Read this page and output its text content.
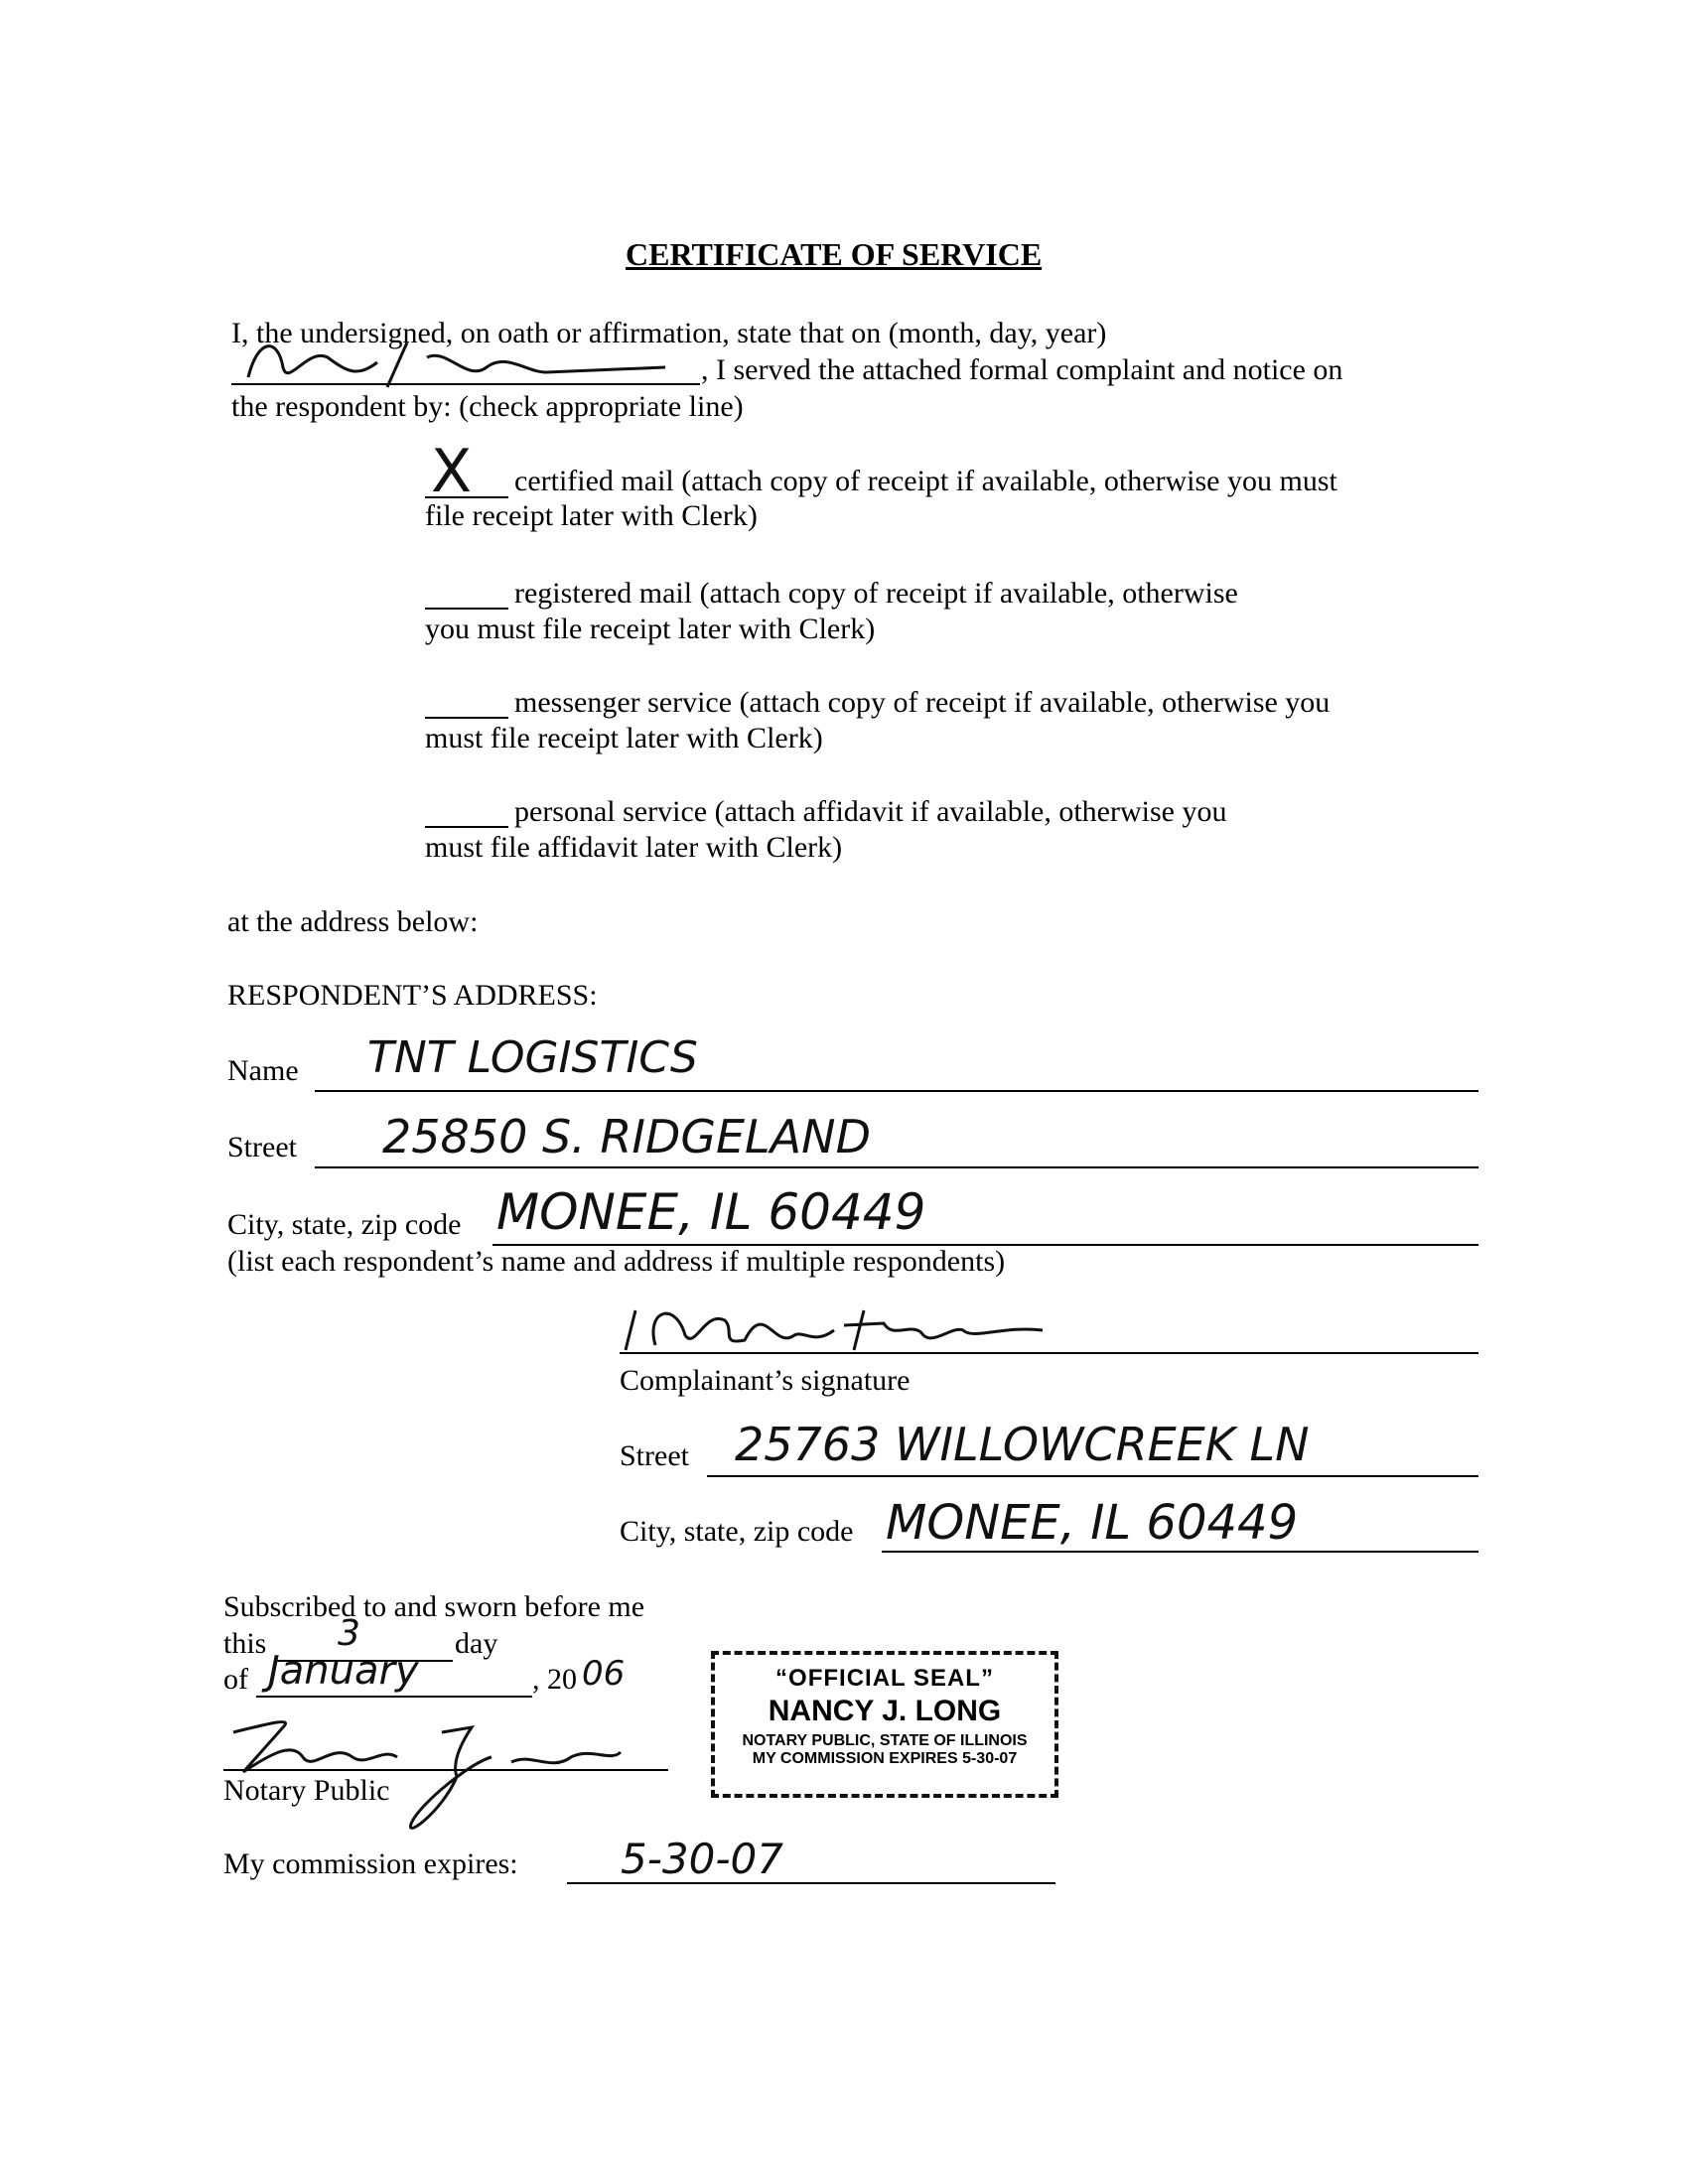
CERTIFICATE OF SERVICE
I, the undersigned, on oath or affirmation, state that on (month, day, year)
, I served the attached formal complaint and notice on
the respondent by: (check appropriate line)
X	certified mail (attach copy of receipt if available, otherwise you must
file receipt later with Clerk)
registered mail (attach copy of receipt if available, otherwise
you must file receipt later with Clerk)
messenger service (attach copy of receipt if available, otherwise you
must file receipt later with Clerk)
personal service (attach affidavit if available, otherwise you
must file affidavit later with Clerk)
at the address below:
RESPONDENT’S ADDRESS:
Name TNT LOGISTICS
Street 25850 S. RIDGELAND
City, state, zip code MONEE, IL 60449
(list each respondent’s name and address if multiple respondents)
Complainant’s signature
Street 25763 WILLOWCREEK LN
City, state, zip code MONEE, IL 60449
Subscribed to and sworn before me
this 3	day
of January	, 20 06
Notary Public
My commission expires: 5-30-07
“OFFICIAL SEAL”
NANCY J. LONG
NOTARY PUBLIC, STATE OF ILLINOIS
MY COMMISSION EXPIRES 5-30-07
